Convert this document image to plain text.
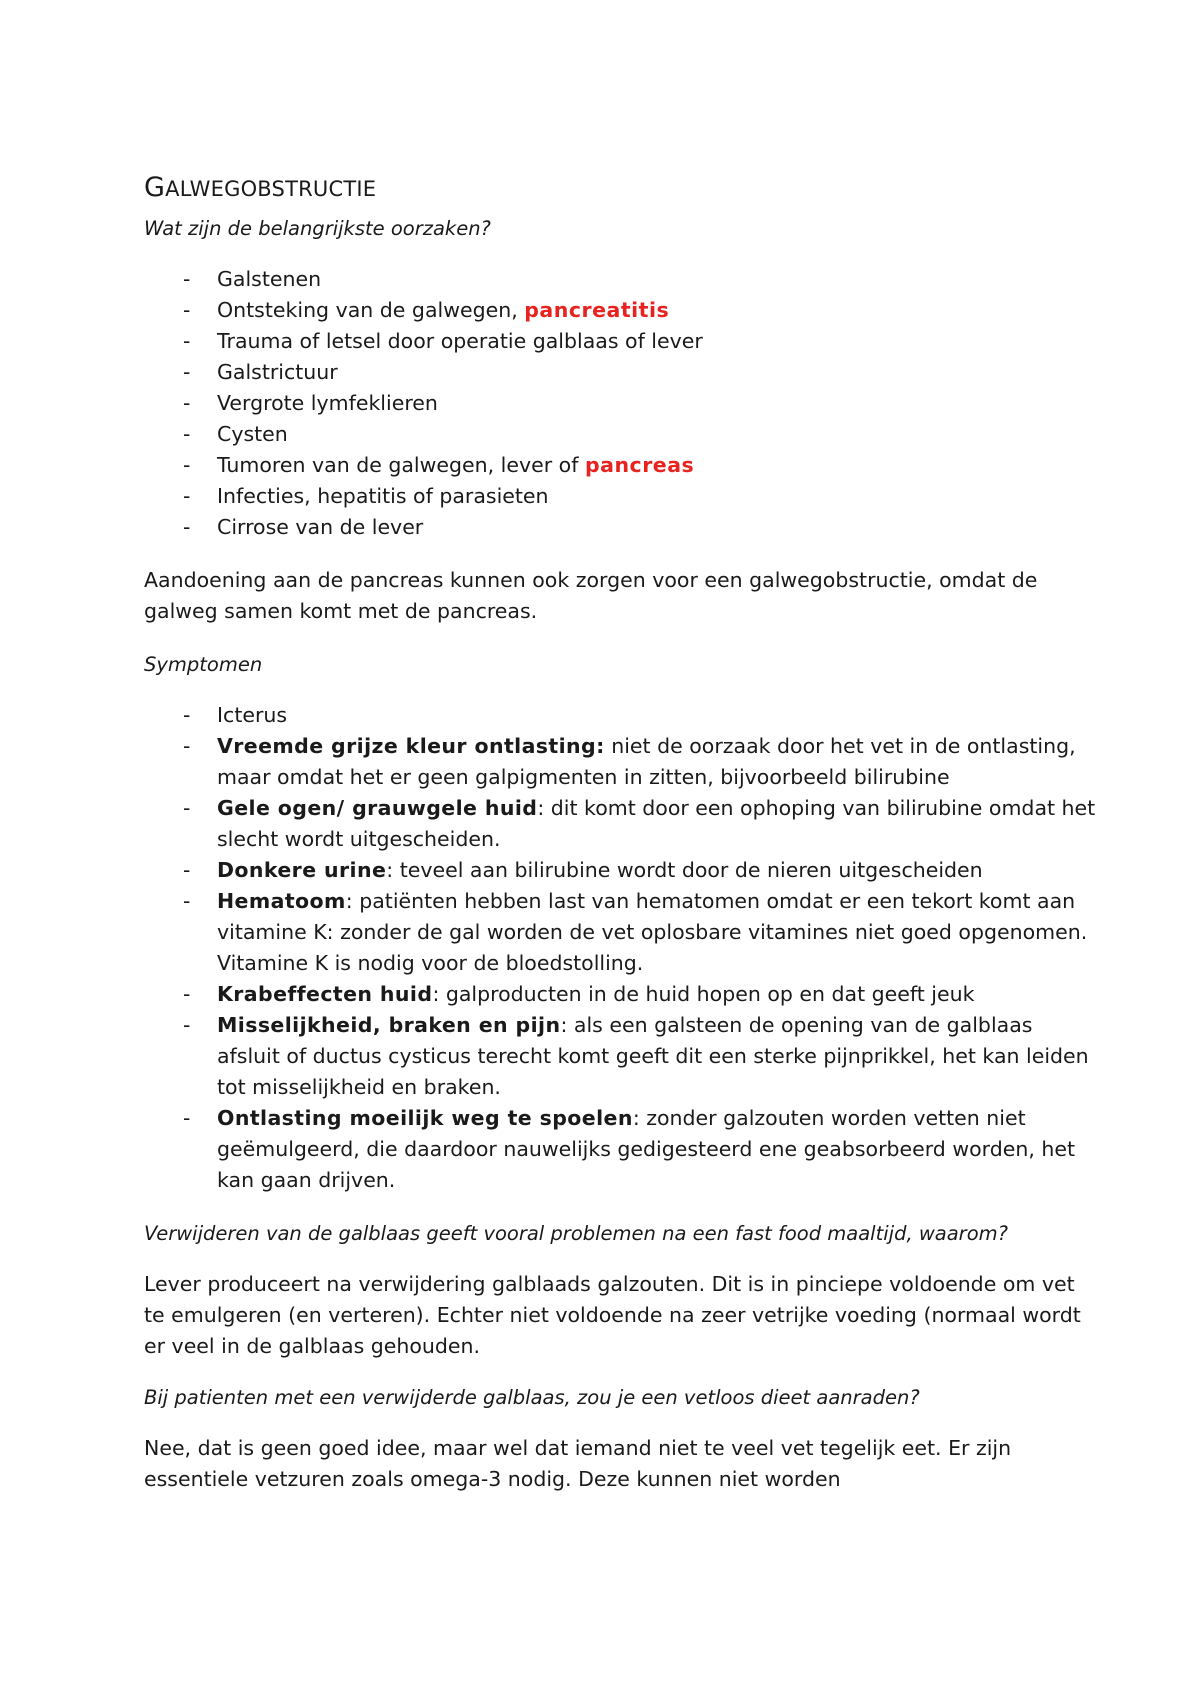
GALWEGOBSTRUCTIE

Wat zijn de belangrijkste oorzaken?

- Galstenen
- Ontsteking van de galwegen, pancreatitis
- Trauma of letsel door operatie galblaas of lever
- Galstrictuur
- Vergrote lymfeklieren
- Cysten
- Tumoren van de galwegen, lever of pancreas
- Infecties, hepatitis of parasieten
- Cirrose van de lever

Aandoening aan de pancreas kunnen ook zorgen voor een galwegobstructie, omdat de galweg samen komt met de pancreas.

Symptomen

- Icterus
- Vreemde grijze kleur ontlasting: niet de oorzaak door het vet in de ontlasting, maar omdat het er geen galpigmenten in zitten, bijvoorbeeld bilirubine
- Gele ogen/ grauwgele huid: dit komt door een ophoping van bilirubine omdat het slecht wordt uitgescheiden.
- Donkere urine: teveel aan bilirubine wordt door de nieren uitgescheiden
- Hematoom: patiënten hebben last van hematomen omdat er een tekort komt aan vitamine K: zonder de gal worden de vet oplosbare vitamines niet goed opgenomen. Vitamine K is nodig voor de bloedstolling.
- Krabeffecten huid: galproducten in de huid hopen op en dat geeft jeuk
- Misselijkheid, braken en pijn: als een galsteen de opening van de galblaas afsluit of ductus cysticus terecht komt geeft dit een sterke pijnprikkel, het kan leiden tot misselijkheid en braken.
- Ontlasting moeilijk weg te spoelen: zonder galzouten worden vetten niet geëmulgeerd, die daardoor nauwelijks gedigesteerd ene geabsorbeerd worden, het kan gaan drijven.

Verwijderen van de galblaas geeft vooral problemen na een fast food maaltijd, waarom?

Lever produceert na verwijdering galblaads galzouten. Dit is in pinciepe voldoende om vet te emulgeren (en verteren). Echter niet voldoende na zeer vetrijke voeding (normaal wordt er veel in de galblaas gehouden.

Bij patienten met een verwijderde galblaas, zou je een vetloos dieet aanraden?

Nee, dat is geen goed idee, maar wel dat iemand niet te veel vet tegelijk eet. Er zijn essentiele vetzuren zoals omega-3 nodig. Deze kunnen niet worden
